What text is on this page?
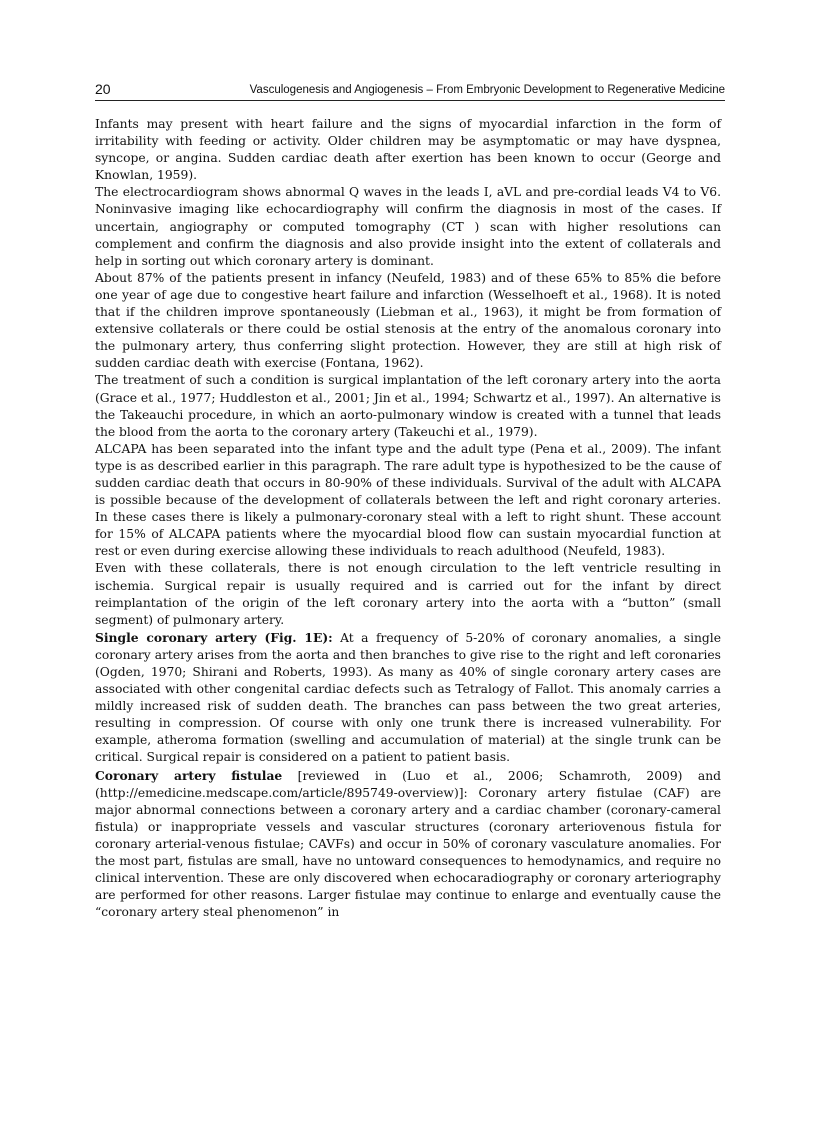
20	Vasculogenesis and Angiogenesis – From Embryonic Development to Regenerative Medicine

Infants may present with heart failure and the signs of myocardial infarction in the form of irritability with feeding or activity. Older children may be asymptomatic or may have dyspnea, syncope, or angina. Sudden cardiac death after exertion has been known to occur (George and Knowlan, 1959).

The electrocardiogram shows abnormal Q waves in the leads I, aVL and pre-cordial leads V4 to V6. Noninvasive imaging like echocardiography will confirm the diagnosis in most of the cases. If uncertain, angiography or computed tomography (CT ) scan with higher resolutions can complement and confirm the diagnosis and also provide insight into the extent of collaterals and help in sorting out which coronary artery is dominant.

About 87% of the patients present in infancy (Neufeld, 1983) and of these 65% to 85% die before one year of age due to congestive heart failure and infarction (Wesselhoeft et al., 1968). It is noted that if the children improve spontaneously (Liebman et al., 1963), it might be from formation of extensive collaterals or there could be ostial stenosis at the entry of the anomalous coronary into the pulmonary artery, thus conferring slight protection. However, they are still at high risk of sudden cardiac death with exercise (Fontana, 1962).

The treatment of such a condition is surgical implantation of the left coronary artery into the aorta (Grace et al., 1977; Huddleston et al., 2001; Jin et al., 1994; Schwartz et al., 1997). An alternative is the Takeauchi procedure, in which an aorto-pulmonary window is created with a tunnel that leads the blood from the aorta to the coronary artery (Takeuchi et al., 1979).

ALCAPA has been separated into the infant type and the adult type (Pena et al., 2009). The infant type is as described earlier in this paragraph. The rare adult type is hypothesized to be the cause of sudden cardiac death that occurs in 80-90% of these individuals. Survival of the adult with ALCAPA is possible because of the development of collaterals between the left and right coronary arteries. In these cases there is likely a pulmonary-coronary steal with a left to right shunt. These account for 15% of ALCAPA patients where the myocardial blood flow can sustain myocardial function at rest or even during exercise allowing these individuals to reach adulthood (Neufeld, 1983).

Even with these collaterals, there is not enough circulation to the left ventricle resulting in ischemia. Surgical repair is usually required and is carried out for the infant by direct reimplantation of the origin of the left coronary artery into the aorta with a “button” (small segment) of pulmonary artery.

Single coronary artery (Fig. 1E): At a frequency of 5-20% of coronary anomalies, a single coronary artery arises from the aorta and then branches to give rise to the right and left coronaries (Ogden, 1970; Shirani and Roberts, 1993). As many as 40% of single coronary artery cases are associated with other congenital cardiac defects such as Tetralogy of Fallot. This anomaly carries a mildly increased risk of sudden death. The branches can pass between the two great arteries, resulting in compression. Of course with only one trunk there is increased vulnerability. For example, atheroma formation (swelling and accumulation of material) at the single trunk can be critical. Surgical repair is considered on a patient to patient basis.

Coronary artery fistulae [reviewed in (Luo et al., 2006; Schamroth, 2009) and (http://emedicine.medscape.com/article/895749-overview)]: Coronary artery fistulae (CAF) are major abnormal connections between a coronary artery and a cardiac chamber (coronary-cameral fistula) or inappropriate vessels and vascular structures (coronary arteriovenous fistula for coronary arterial-venous fistulae; CAVFs) and occur in 50% of coronary vasculature anomalies. For the most part, fistulas are small, have no untoward consequences to hemodynamics, and require no clinical intervention. These are only discovered when echocaradiography or coronary arteriography are performed for other reasons. Larger fistulae may continue to enlarge and eventually cause the “coronary artery steal phenomenon” in
